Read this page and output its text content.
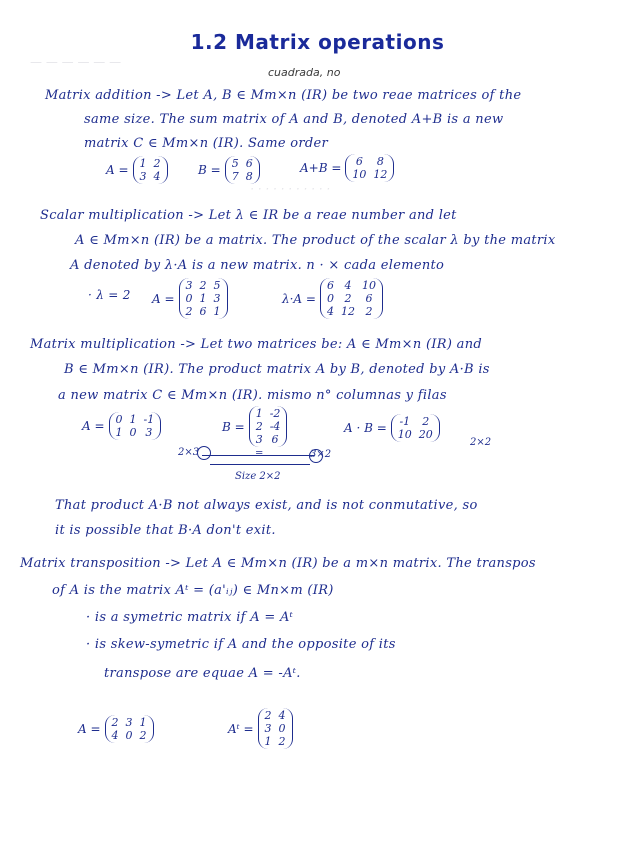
1.2 Matrix operations
cuadrada, no
— — — — — —
· · · · · · · · · · ·
Matrix addition -> Let A, B ∈ Mm×n (IR) be two reae matrices of the
same size. The sum matrix of A and B, denoted A+B is a new
matrix C ∈ Mm×n (IR). Same order
A = 1 2
3 4	B = 5 6
7 8
A+B =	6	8
10 12
Scalar multiplication -> Let λ ∈ IR be a reae number and let
A ∈ Mm×n (IR) be a matrix. The product of the scalar λ by the matrix
A denoted by λ·A is a new matrix. n · × cada elemento
· λ = 2 A =
3 2 5
0 1 3
2 6 1
λ·A =
6 4 10
0 2	6
4 12 2
Matrix multiplication -> Let two matrices be: A ∈ Mm×n (IR) and
B ∈ Mm×n (IR). The product matrix A by B, denoted by A·B is
a new matrix C ∈ Mm×n (IR). mismo n° columnas y filas
A = 0 1 -1
1 0 3	B =
1 -2
2 -4
3 6
A · B = -1	2
10 20
2×3	3×2
2×2
=
Size 2×2
That product A·B not always exist, and is not conmutative, so
it is possible that B·A don't exit.
Matrix transposition -> Let A ∈ Mm×n (IR) be a m×n matrix. The transpos
of A is the matrix Aᵗ = (a'ᵢⱼ) ∈ Mn×m (IR)
· is a symetric matrix if A = Aᵗ
· is skew-symetric if A and the opposite of its
transpose are equae A = -Aᵗ.
A = 2 3 1
4 0 2	Aᵗ =
2 4
3 0
1 2
